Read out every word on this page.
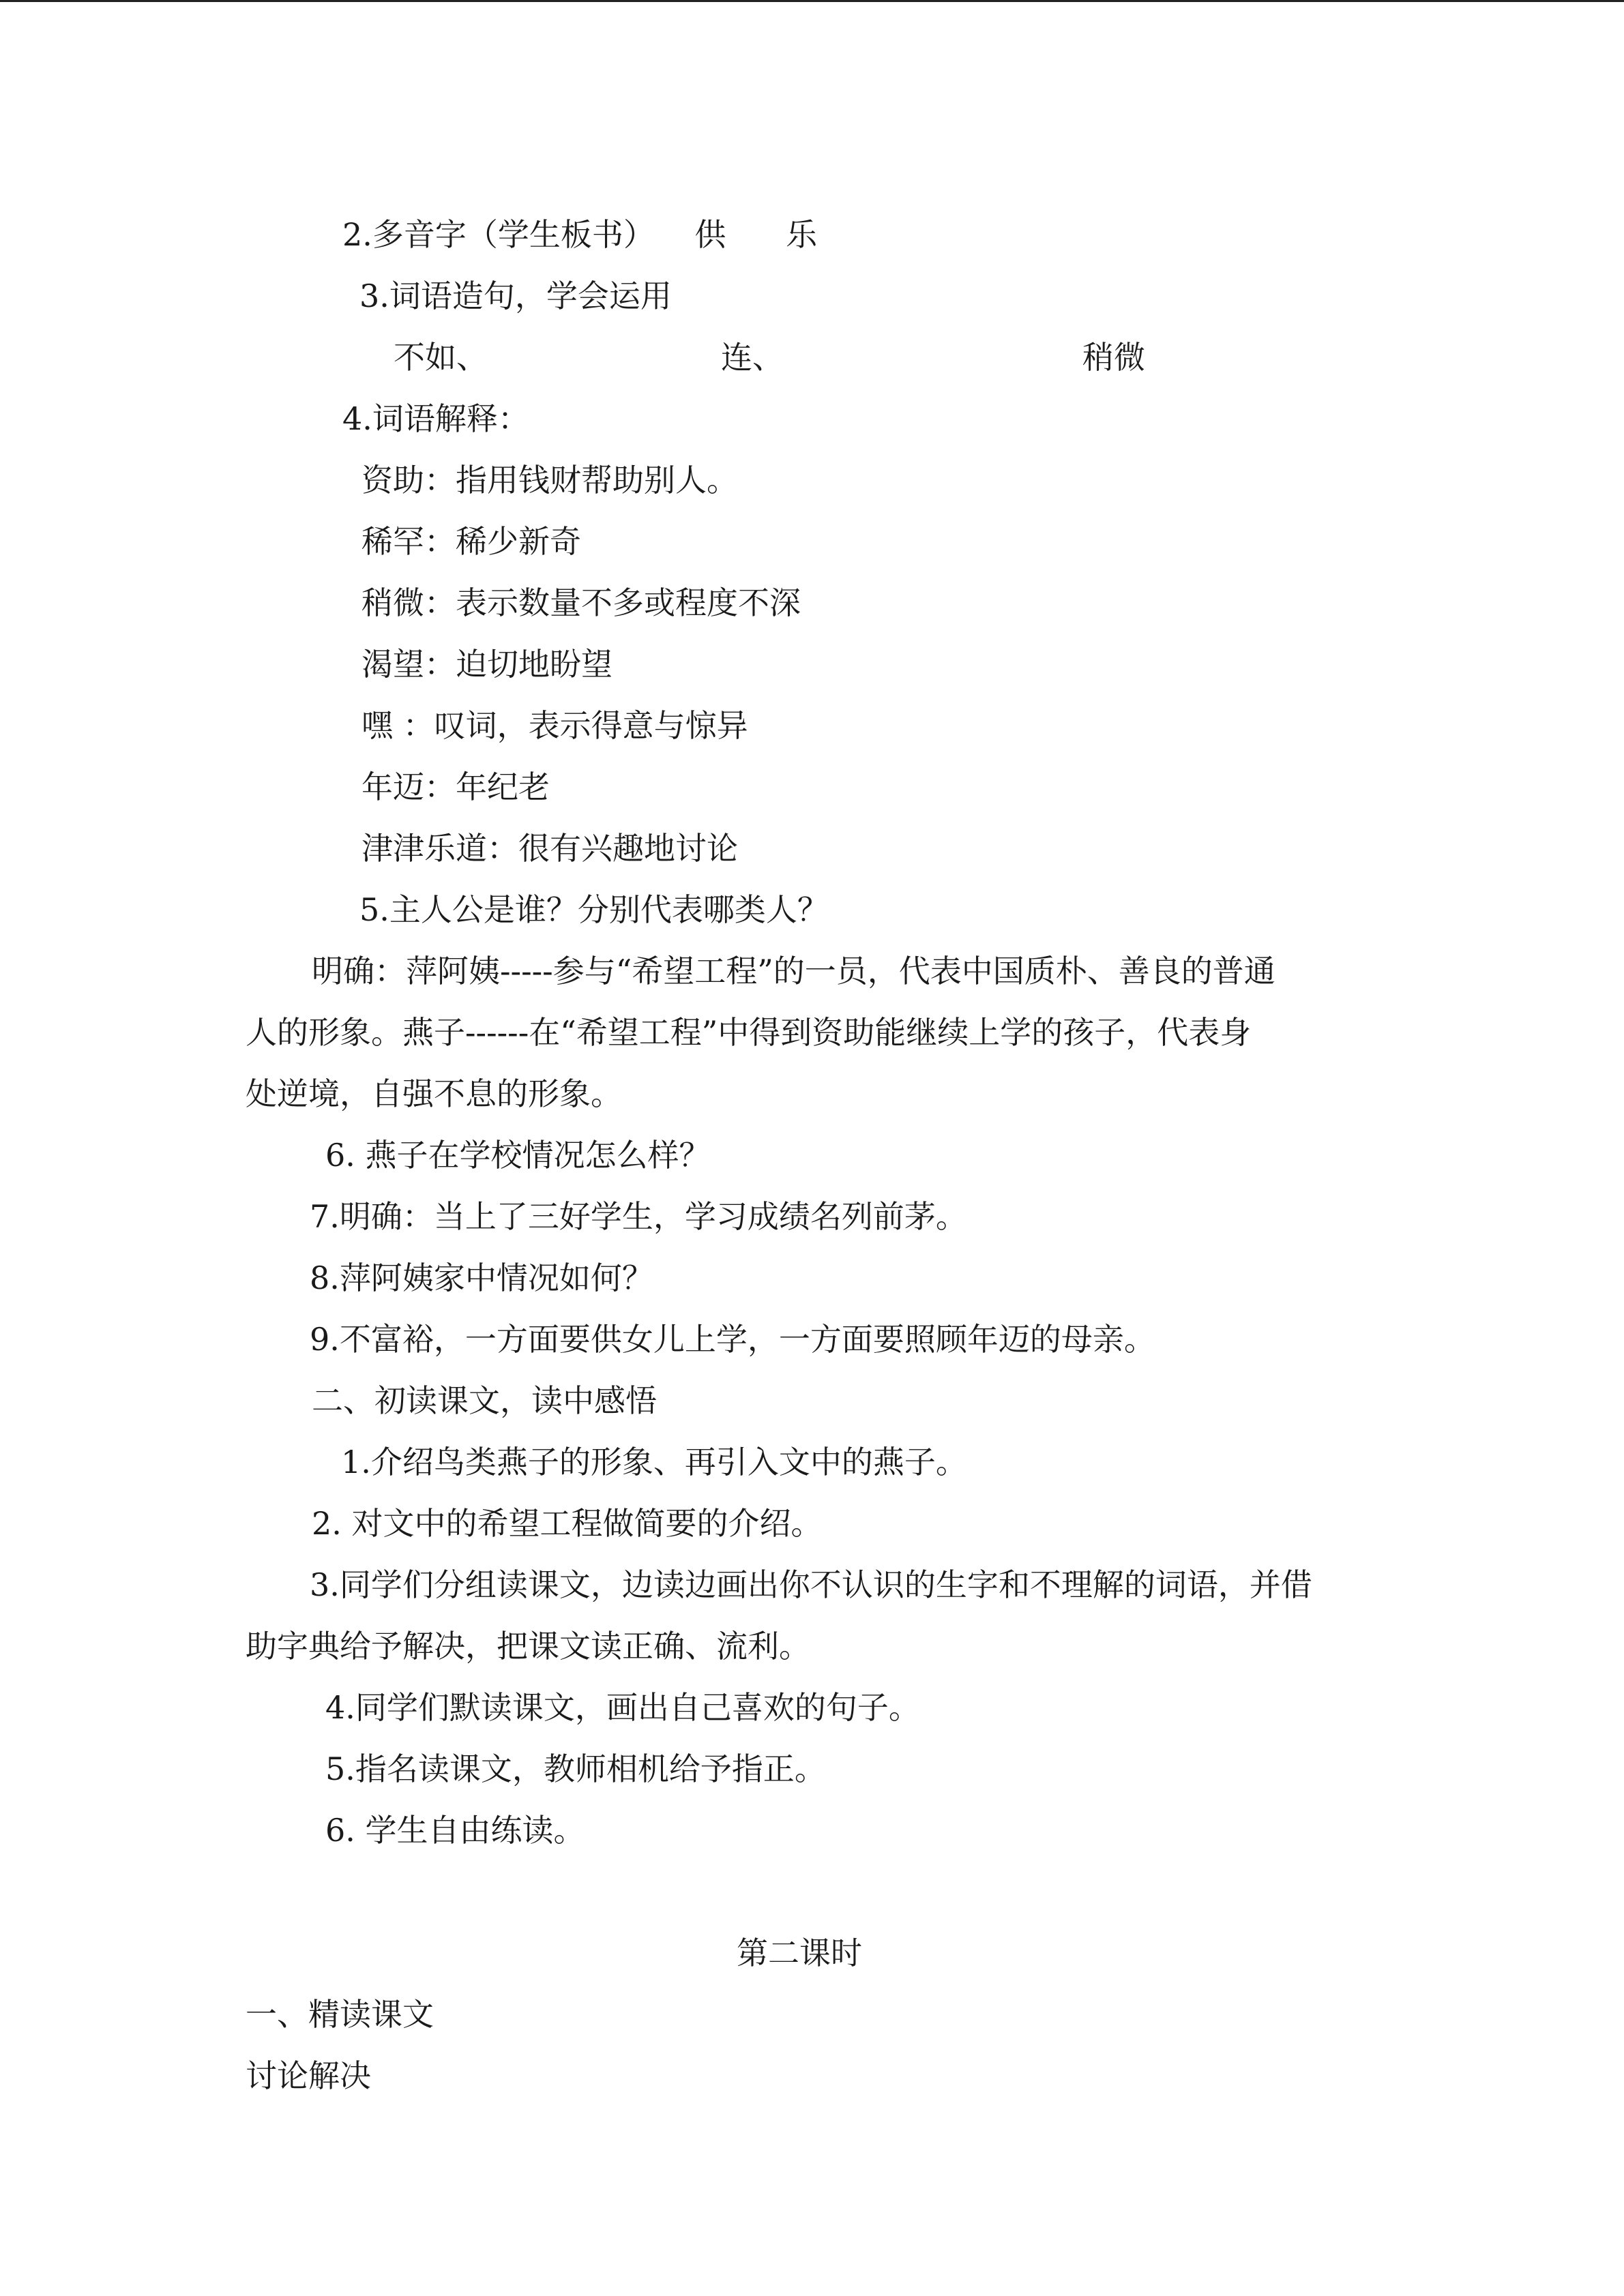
2.多音字（学生板书）    供      乐
3.词语造句，学会运用
不如、	连、	稍微
4.词语解释：
资助：指用钱财帮助别人。
稀罕：稀少新奇
稍微：表示数量不多或程度不深
渴望：迫切地盼望
嘿 ：叹词，表示得意与惊异
年迈：年纪老
津津乐道：很有兴趣地讨论
5.主人公是谁？分别代表哪类人？
明确：萍阿姨-----参与“希望工程”的一员，代表中国质朴、善良的普通
人的形象。燕子------在“希望工程”中得到资助能继续上学的孩子，代表身
处逆境，自强不息的形象。
6. 燕子在学校情况怎么样？
7.明确：当上了三好学生，学习成绩名列前茅。
8.萍阿姨家中情况如何？
9.不富裕，一方面要供女儿上学，一方面要照顾年迈的母亲。
二、初读课文，读中感悟
1.介绍鸟类燕子的形象、再引入文中的燕子。
2. 对文中的希望工程做简要的介绍。
3.同学们分组读课文，边读边画出你不认识的生字和不理解的词语，并借
助字典给予解决，把课文读正确、流利。
4.同学们默读课文，画出自己喜欢的句子。
5.指名读课文，教师相机给予指正。
6. 学生自由练读。
第二课时
一、精读课文
讨论解决
